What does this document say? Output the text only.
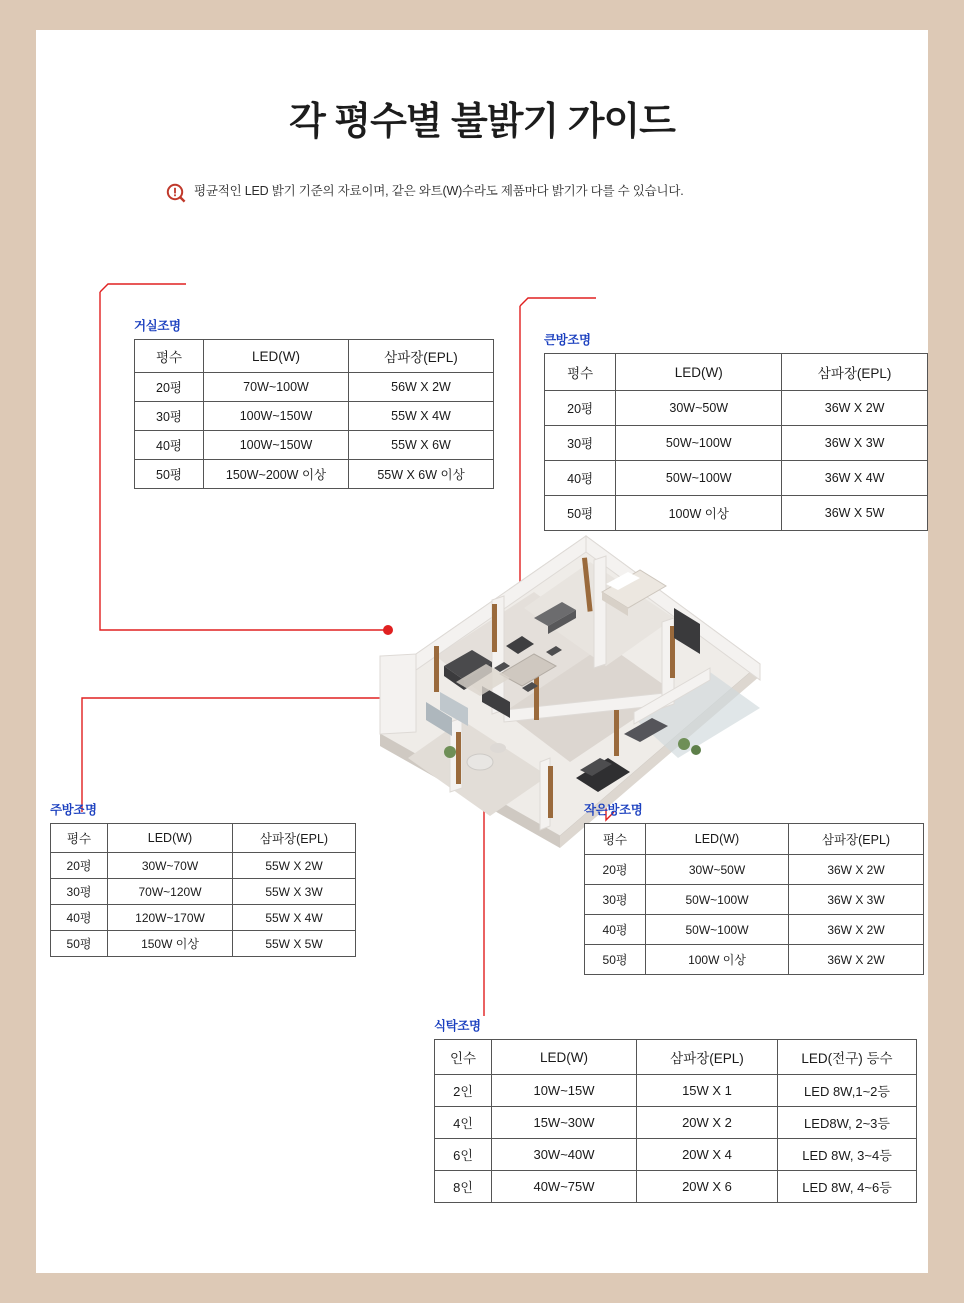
각 평수별 불밝기 가이드
평균적인 LED 밝기 기준의 자료이며, 같은 와트(W)수라도 제품마다 밝기가 다를 수 있습니다.
거실조명
평수	LED(W)	삼파장(EPL)
20평	70W~100W	56W X 2W
30평	100W~150W	55W X 4W
40평	100W~150W	55W X 6W
50평	150W~200W 이상	55W X 6W 이상
큰방조명
평수	LED(W)	삼파장(EPL)
20평	30W~50W	36W X 2W
30평	50W~100W	36W X 3W
40평	50W~100W	36W X 4W
50평	100W 이상	36W X 5W
주방조명
평수	LED(W)	삼파장(EPL)
20평	30W~70W	55W X 2W
30평	70W~120W	55W X 3W
40평	120W~170W	55W X 4W
50평	150W 이상	55W X 5W
작은방조명
평수	LED(W)	삼파장(EPL)
20평	30W~50W	36W X 2W
30평	50W~100W	36W X 3W
40평	50W~100W	36W X 2W
50평	100W 이상	36W X 2W
식탁조명
인수	LED(W)	삼파장(EPL)	LED(전구) 등수
2인	10W~15W	15W X 1	LED 8W,1~2등
4인	15W~30W	20W X 2	LED8W, 2~3등
6인	30W~40W	20W X 4	LED 8W, 3~4등
8인	40W~75W	20W X 6	LED 8W, 4~6등
